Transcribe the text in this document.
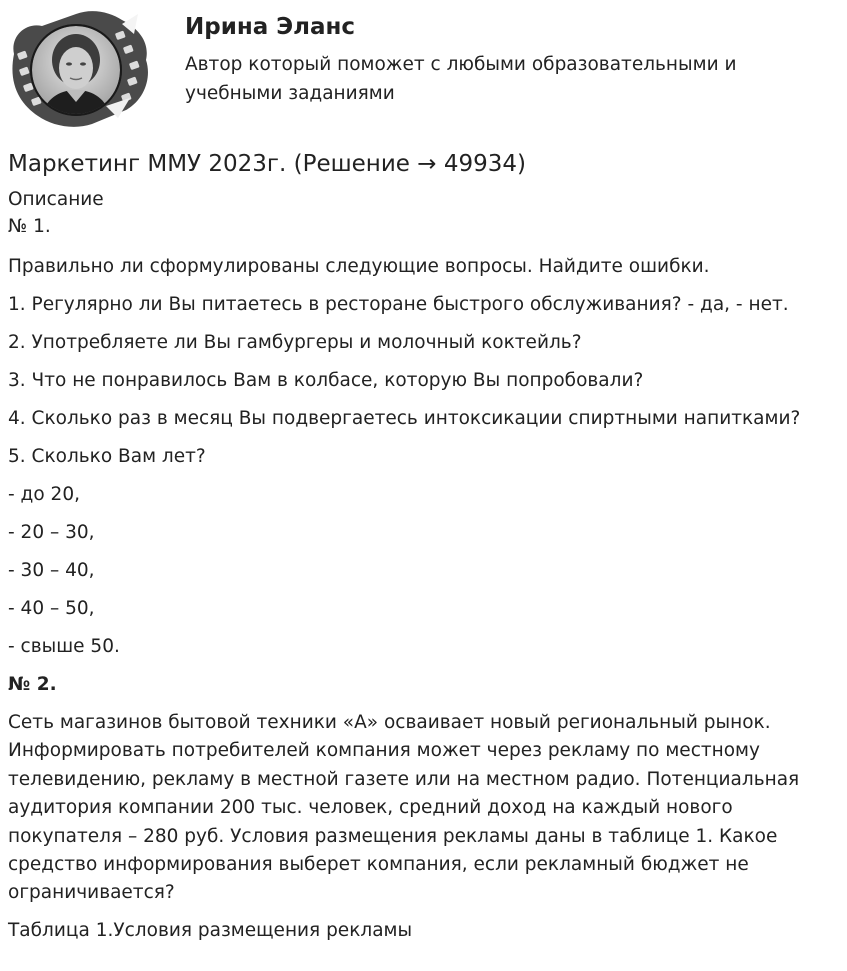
Ирина Эланс

Автор который поможет с любыми образовательными и учебными заданиями

Маркетинг ММУ 2023г. (Решение → 49934)

Описание

№ 1.

Правильно ли сформулированы следующие вопросы. Найдите ошибки.

1. Регулярно ли Вы питаетесь в ресторане быстрого обслуживания? - да, - нет.

2. Употребляете ли Вы гамбургеры и молочный коктейль?

3. Что не понравилось Вам в колбасе, которую Вы попробовали?

4. Сколько раз в месяц Вы подвергаетесь интоксикации спиртными напитками?

5. Сколько Вам лет?

- до 20,

- 20 – 30,

- 30 – 40,

- 40 – 50,

- свыше 50.

№ 2.

Сеть магазинов бытовой техники «А» осваивает новый региональный рынок. Информировать потребителей компания может через рекламу по местному телевидению, рекламу в местной газете или на местном радио. Потенциальная аудитория компании 200 тыс. человек, средний доход на каждый нового покупателя – 280 руб. Условия размещения рекламы даны в таблице 1. Какое средство информирования выберет компания, если рекламный бюджет не ограничивается?

Таблица 1.Условия размещения рекламы
